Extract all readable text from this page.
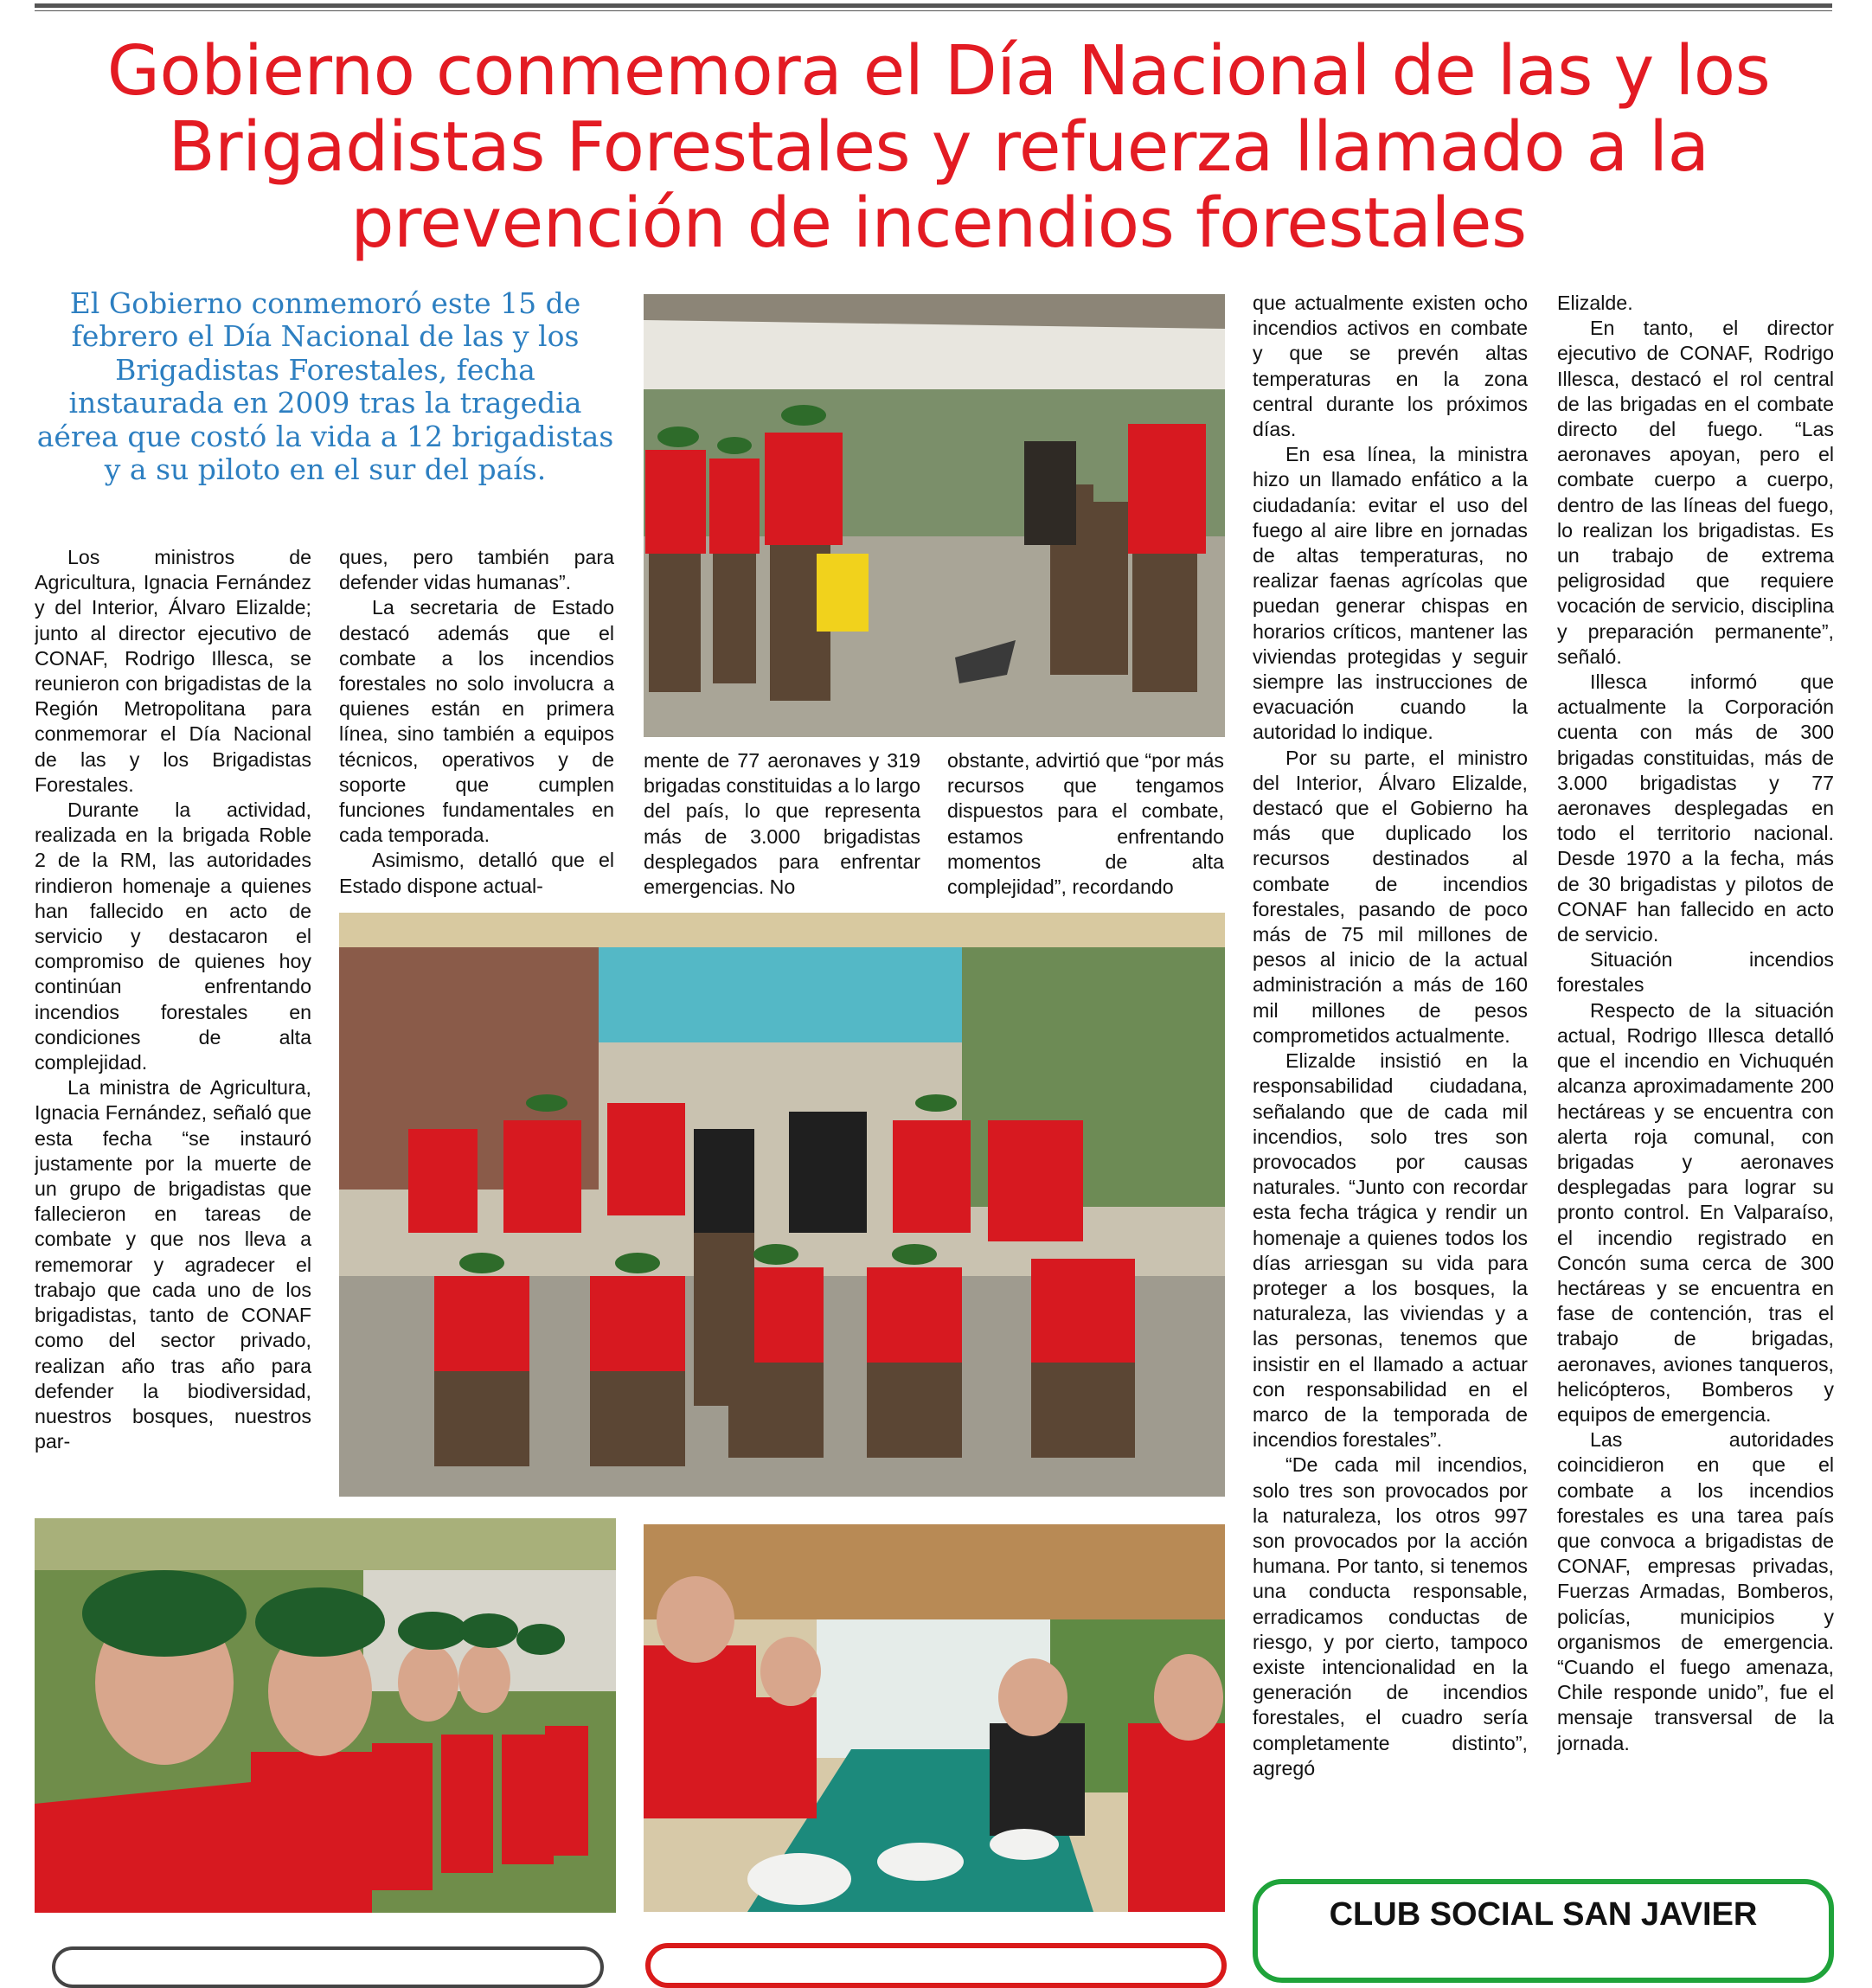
Gobierno conmemora el Día Nacional de las y los
Brigadistas Forestales y refuerza llamado a la
prevención de incendios forestales
El Gobierno conmemoró este 15 de febrero el Día Nacional de las y los Brigadistas Forestales, fecha instaurada en 2009 tras la tragedia aérea que costó la vida a 12 brigadistas y a su piloto en el sur del país.

Los ministros de Agricultura, Ignacia Fernández y del Interior, Álvaro Elizalde; junto al director ejecutivo de CONAF, Rodrigo Illesca, se reunieron con brigadistas de la Región Metropolitana para conmemorar el Día Nacional de las y los Brigadistas Forestales.

Durante la actividad, realizada en la brigada Roble 2 de la RM, las autoridades rindieron homenaje a quienes han fallecido en acto de servicio y destacaron el compromiso de quienes hoy continúan enfrentando incendios forestales en condiciones de alta complejidad.

La ministra de Agricultura, Ignacia Fernández, señaló que esta fecha “se instauró justamente por la muerte de un grupo de brigadistas que fallecieron en tareas de combate y que nos lleva a rememorar y agradecer el trabajo que cada uno de los brigadistas, tanto de CONAF como del sector privado, realizan año tras año para defender la biodiversidad, nuestros bosques, nuestros par-

ques, pero también para defender vidas humanas”.

La secretaria de Estado destacó además que el combate a los incendios forestales no solo involucra a quienes están en primera línea, sino también a equipos técnicos, operativos y de soporte que cumplen funciones fundamentales en cada temporada.

Asimismo, detalló que el Estado dispone actual-

mente de 77 aeronaves y 319 brigadas constituidas a lo largo del país, lo que representa más de 3.000 brigadistas desplegados para enfrentar emergencias. No

obstante, advirtió que “por más recursos que tengamos dispuestos para el combate, estamos enfrentando momentos de alta complejidad”, recordando

que actualmente existen ocho incendios activos en combate y que se prevén altas temperaturas en la zona central durante los próximos días.

En esa línea, la ministra hizo un llamado enfático a la ciudadanía: evitar el uso del fuego al aire libre en jornadas de altas temperaturas, no realizar faenas agrícolas que puedan generar chispas en horarios críticos, mantener las viviendas protegidas y seguir siempre las instrucciones de evacuación cuando la autoridad lo indique.

Por su parte, el ministro del Interior, Álvaro Elizalde, destacó que el Gobierno ha más que duplicado los recursos destinados al combate de incendios forestales, pasando de poco más de 75 mil millones de pesos al inicio de la actual administración a más de 160 mil millones de pesos comprometidos actualmente.

Elizalde insistió en la responsabilidad ciudadana, señalando que de cada mil incendios, solo tres son provocados por causas naturales. “Junto con recordar esta fecha trágica y rendir un homenaje a quienes todos los días arriesgan su vida para proteger a los bosques, la naturaleza, las viviendas y a las personas, tenemos que insistir en el llamado a actuar con responsabilidad en el marco de la temporada de incendios forestales”.

“De cada mil incendios, solo tres son provocados por la naturaleza, los otros 997 son provocados por la acción humana. Por tanto, si tenemos una conducta responsable, erradicamos conductas de riesgo, y por cierto, tampoco existe intencionalidad en la generación de incendios forestales, el cuadro sería completamente distinto”, agregó

Elizalde.

En tanto, el director ejecutivo de CONAF, Rodrigo Illesca, destacó el rol central de las brigadas en el combate directo del fuego. “Las aeronaves apoyan, pero el combate cuerpo a cuerpo, dentro de las líneas del fuego, lo realizan los brigadistas. Es un trabajo de extrema peligrosidad que requiere vocación de servicio, disciplina y preparación permanente”, señaló.

Illesca informó que actualmente la Corporación cuenta con más de 300 brigadas constituidas, más de 3.000 brigadistas y 77 aeronaves desplegadas en todo el territorio nacional. Desde 1970 a la fecha, más de 30 brigadistas y pilotos de CONAF han fallecido en acto de servicio.

Situación incendios forestales

Respecto de la situación actual, Rodrigo Illesca detalló que el incendio en Vichuquén alcanza aproximadamente 200 hectáreas y se encuentra con alerta roja comunal, con brigadas y aeronaves desplegadas para lograr su pronto control. En Valparaíso, el incendio registrado en Concón suma cerca de 300 hectáreas y se encuentra en fase de contención, tras el trabajo de brigadas, aeronaves, aviones tanqueros, helicópteros, Bomberos y equipos de emergencia.

Las autoridades coincidieron en que el combate a los incendios forestales es una tarea país que convoca a brigadistas de CONAF, empresas privadas, Fuerzas Armadas, Bomberos, policías, municipios y organismos de emergencia. “Cuando el fuego amenaza, Chile responde unido”, fue el mensaje transversal de la jornada.

CLUB SOCIAL SAN JAVIER
